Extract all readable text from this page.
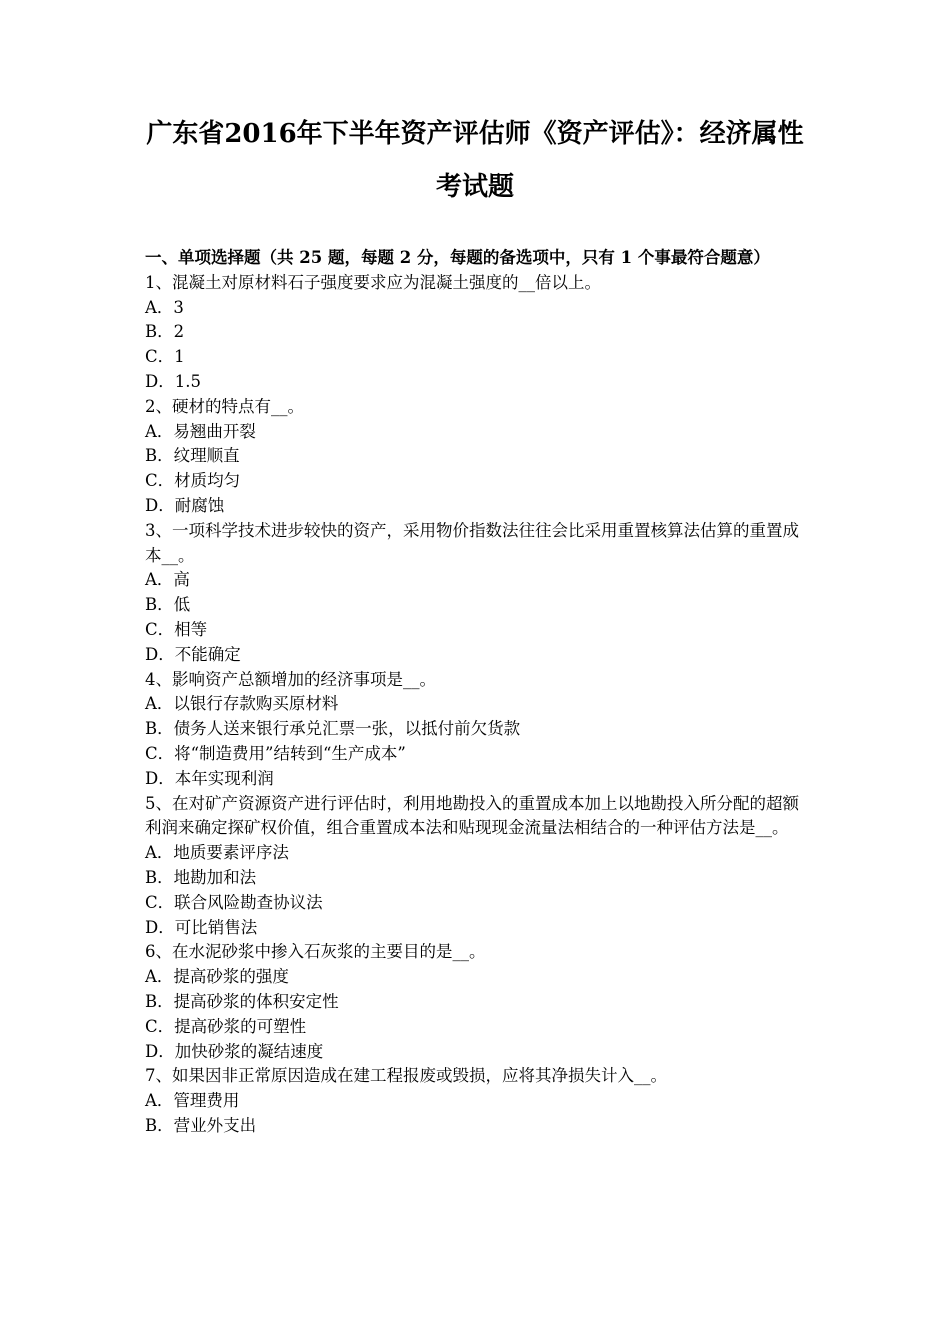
广东省2016年下半年资产评估师《资产评估》：经济属性
考试题
一、单项选择题（共 25 题，每题 2 分，每题的备选项中，只有 1 个事最符合题意）
1、混凝土对原材料石子强度要求应为混凝土强度的__倍以上。
A．3
B．2
C．1
D．1.5
2、硬材的特点有__。
A．易翘曲开裂
B．纹理顺直
C．材质均匀
D．耐腐蚀
3、一项科学技术进步较快的资产，采用物价指数法往往会比采用重置核算法估算的重置成本__。
A．高
B．低
C．相等
D．不能确定
4、影响资产总额增加的经济事项是__。
A．以银行存款购买原材料
B．债务人送来银行承兑汇票一张，以抵付前欠货款
C．将“制造费用”结转到“生产成本”
D．本年实现利润
5、在对矿产资源资产进行评估时，利用地勘投入的重置成本加上以地勘投入所分配的超额利润来确定探矿权价值，组合重置成本法和贴现现金流量法相结合的一种评估方法是__。
A．地质要素评序法
B．地勘加和法
C．联合风险勘查协议法
D．可比销售法
6、在水泥砂浆中掺入石灰浆的主要目的是__。
A．提高砂浆的强度
B．提高砂浆的体积安定性
C．提高砂浆的可塑性
D．加快砂浆的凝结速度
7、如果因非正常原因造成在建工程报废或毁损，应将其净损失计入__。
A．管理费用
B．营业外支出
